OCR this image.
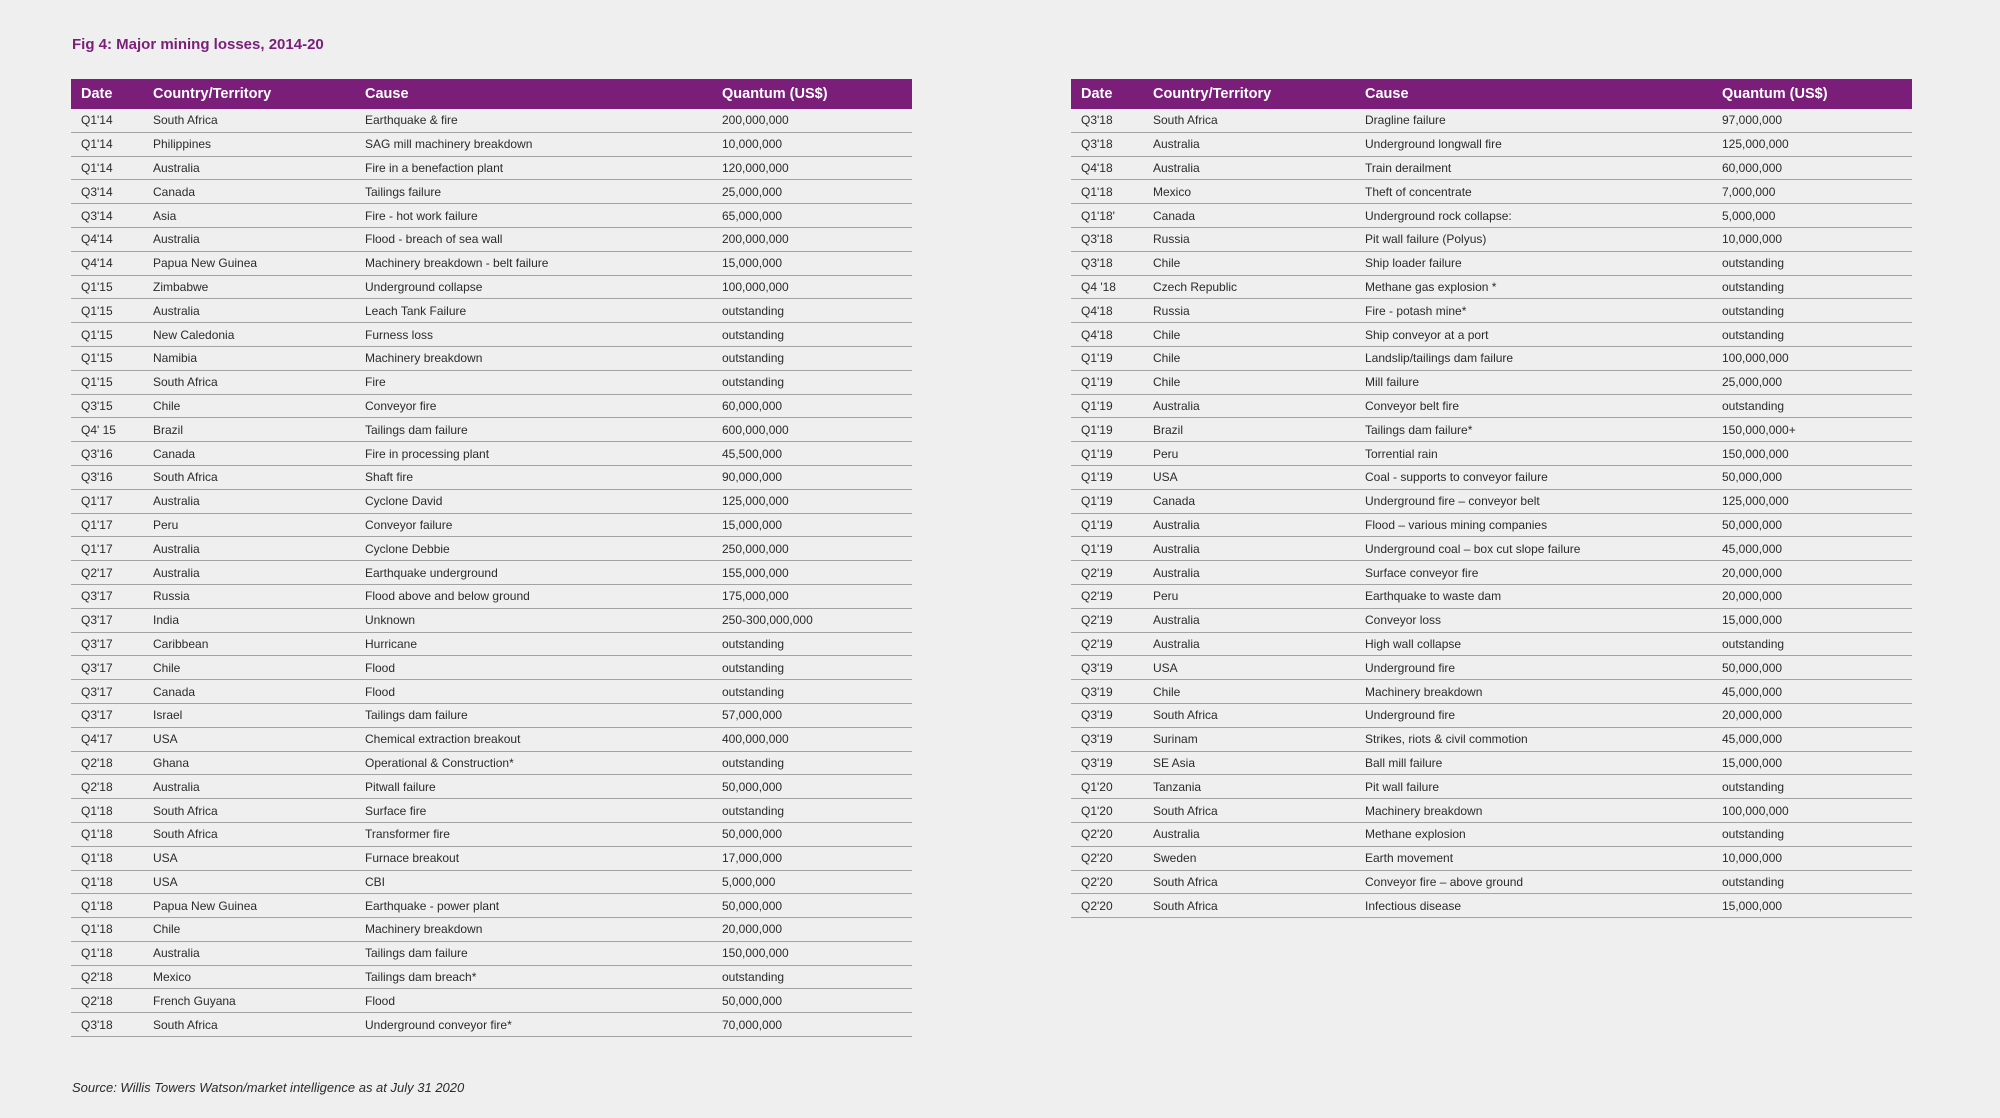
Fig 4: Major mining losses, 2014-20
Date	Country/Territory	Cause	Quantum (US$)
Q1'14	South Africa	Earthquake & fire	200,000,000
Q1'14	Philippines	SAG mill machinery breakdown	10,000,000
Q1'14	Australia	Fire in a benefaction plant	120,000,000
Q3'14	Canada	Tailings failure	25,000,000
Q3'14	Asia	Fire - hot work failure	65,000,000
Q4'14	Australia	Flood - breach of sea wall	200,000,000
Q4'14	Papua New Guinea	Machinery breakdown - belt failure	15,000,000
Q1'15	Zimbabwe	Underground collapse	100,000,000
Q1'15	Australia	Leach Tank Failure	outstanding
Q1'15	New Caledonia	Furness loss	outstanding
Q1'15	Namibia	Machinery breakdown	outstanding
Q1'15	South Africa	Fire	outstanding
Q3'15	Chile	Conveyor fire	60,000,000
Q4' 15	Brazil	Tailings dam failure	600,000,000
Q3'16	Canada	Fire in processing plant	45,500,000
Q3'16	South Africa	Shaft fire	90,000,000
Q1'17	Australia	Cyclone David	125,000,000
Q1'17	Peru	Conveyor failure	15,000,000
Q1'17	Australia	Cyclone Debbie	250,000,000
Q2'17	Australia	Earthquake underground	155,000,000
Q3'17	Russia	Flood above and below ground	175,000,000
Q3'17	India	Unknown	250-300,000,000
Q3'17	Caribbean	Hurricane	outstanding
Q3'17	Chile	Flood	outstanding
Q3'17	Canada	Flood	outstanding
Q3'17	Israel	Tailings dam failure	57,000,000
Q4'17	USA	Chemical extraction breakout	400,000,000
Q2'18	Ghana	Operational & Construction*	outstanding
Q2'18	Australia	Pitwall failure	50,000,000
Q1'18	South Africa	Surface fire	outstanding
Q1'18	South Africa	Transformer fire	50,000,000
Q1'18	USA	Furnace breakout	17,000,000
Q1'18	USA	CBI	5,000,000
Q1'18	Papua New Guinea	Earthquake - power plant	50,000,000
Q1'18	Chile	Machinery breakdown	20,000,000
Q1'18	Australia	Tailings dam failure	150,000,000
Q2'18	Mexico	Tailings dam breach*	outstanding
Q2'18	French Guyana	Flood	50,000,000
Q3'18	South Africa	Underground conveyor fire*	70,000,000
Date	Country/Territory	Cause	Quantum (US$)
Q3'18	South Africa	Dragline failure	97,000,000
Q3'18	Australia	Underground longwall fire	125,000,000
Q4'18	Australia	Train derailment	60,000,000
Q1'18	Mexico	Theft of concentrate	7,000,000
Q1'18'	Canada	Underground rock collapse:	5,000,000
Q3'18	Russia	Pit wall failure (Polyus)	10,000,000
Q3'18	Chile	Ship loader failure	outstanding
Q4 '18	Czech Republic	Methane gas explosion *	outstanding
Q4'18	Russia	Fire - potash mine*	outstanding
Q4'18	Chile	Ship conveyor at a port	outstanding
Q1'19	Chile	Landslip/tailings dam failure	100,000,000
Q1'19	Chile	Mill failure	25,000,000
Q1'19	Australia	Conveyor belt fire	outstanding
Q1'19	Brazil	Tailings dam failure*	150,000,000+
Q1'19	Peru	Torrential rain	150,000,000
Q1'19	USA	Coal - supports to conveyor failure	50,000,000
Q1'19	Canada	Underground fire – conveyor belt	125,000,000
Q1'19	Australia	Flood – various mining companies	50,000,000
Q1'19	Australia	Underground coal – box cut slope failure	45,000,000
Q2'19	Australia	Surface conveyor fire	20,000,000
Q2'19	Peru	Earthquake to waste dam	20,000,000
Q2'19	Australia	Conveyor loss	15,000,000
Q2'19	Australia	High wall collapse	outstanding
Q3'19	USA	Underground fire	50,000,000
Q3'19	Chile	Machinery breakdown	45,000,000
Q3'19	South Africa	Underground fire	20,000,000
Q3'19	Surinam	Strikes, riots & civil commotion	45,000,000
Q3'19	SE Asia	Ball mill failure	15,000,000
Q1'20	Tanzania	Pit wall failure	outstanding
Q1'20	South Africa	Machinery breakdown	100,000,000
Q2'20	Australia	Methane explosion	outstanding
Q2'20	Sweden	Earth movement	10,000,000
Q2'20	South Africa	Conveyor fire – above ground	outstanding
Q2'20	South Africa	Infectious disease	15,000,000
Source: Willis Towers Watson/market intelligence as at July 31 2020
